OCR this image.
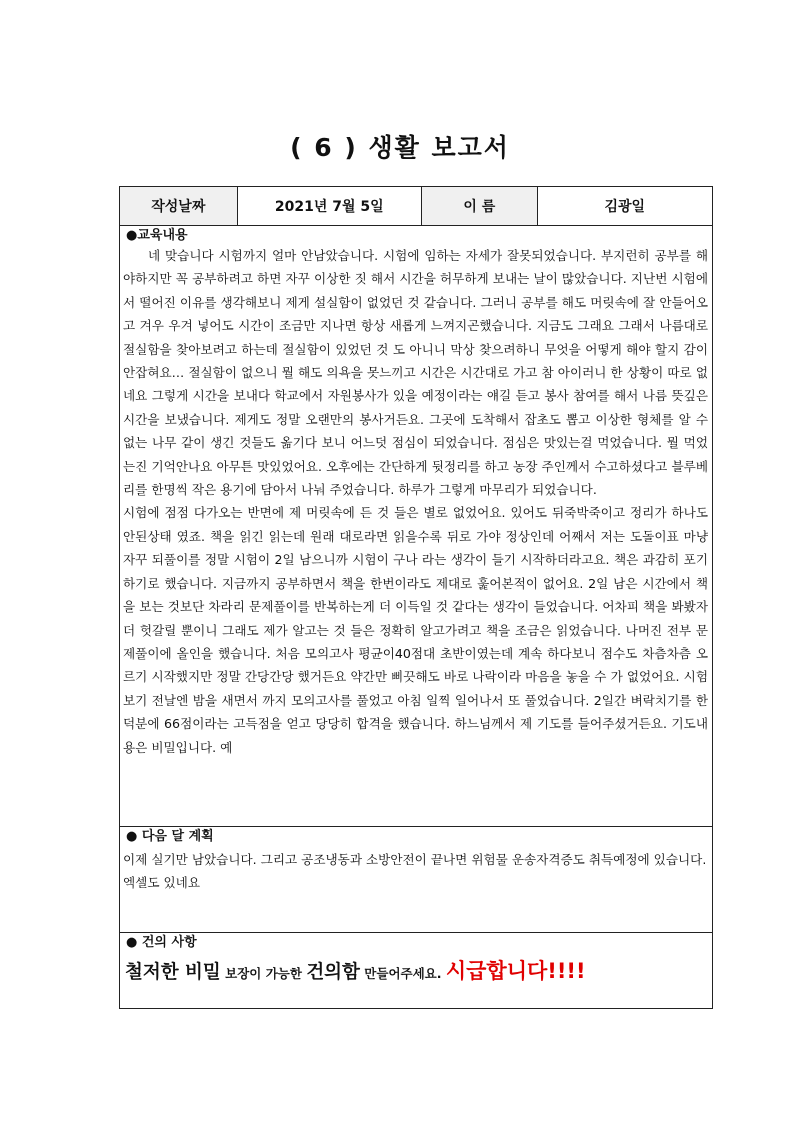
( 6 ) 생활 보고서
작성날짜	2021년 7월 5일	이 름	김광일
●교육내용

네 맞습니다 시험까지 얼마 안남았습니다. 시험에 임하는 자세가 잘못되었습니다. 부지런히 공부를 해야하지만 꼭 공부하려고 하면 자꾸 이상한 짓 해서 시간을 허무하게 보내는 날이 많았습니다. 지난번 시험에서 떨어진 이유를 생각해보니 제게 설실함이 없었던 것 같습니다. 그러니 공부를 해도 머릿속에 잘 안들어오고 겨우 우겨 넣어도 시간이 조금만 지나면 항상 새롭게 느껴지곤했습니다. 지금도 그래요 그래서 나름대로 절실함을 찾아보려고 하는데 절실함이 있었던 것 도 아니니 막상 찾으려하니 무엇을 어떻게 해야 할지 감이 안잡혀요… 절실함이 없으니 뭘 해도 의욕을 못느끼고 시간은 시간대로 가고 참 아이러니 한 상황이 따로 없네요 그렇게 시간을 보내다 학교에서 자원봉사가 있을 예정이라는 얘길 듣고 봉사 참여를 해서 나름 뜻깊은 시간을 보냈습니다. 제게도 정말 오랜만의 봉사거든요. 그곳에 도착해서 잡초도 뽑고 이상한 형체를 알 수 없는 나무 같이 생긴 것들도 옮기다 보니 어느덧 점심이 되었습니다. 점심은 맛있는걸 먹었습니다. 뭘 먹었는진 기억안나요 아무튼 맛있었어요. 오후에는 간단하게 뒷정리를 하고 농장 주인께서 수고하셨다고 블루베리를 한명씩 작은 용기에 담아서 나눠 주었습니다. 하루가 그렇게 마무리가 되었습니다.

시험에 점점 다가오는 반면에 제 머릿속에 든 것 들은 별로 없었어요. 있어도 뒤죽박죽이고 정리가 하나도 안된상태 였죠. 책을 읽긴 읽는데 원래 대로라면 읽을수록 뒤로 가야 정상인데 어째서 저는 도돌이표 마냥 자꾸 되풀이를 정말 시험이 2일 남으니까 시험이 구나 라는 생각이 들기 시작하더라고요. 책은 과감히 포기하기로 했습니다. 지금까지 공부하면서 책을 한번이라도 제대로 훑어본적이 없어요. 2일 남은 시간에서 책을 보는 것보단 차라리 문제풀이를 반복하는게 더 이득일 것 같다는 생각이 들었습니다. 어차피 책을 봐봤자 더 헛갈릴 뿐이니 그래도 제가 알고는 것 들은 정확히 알고가려고 책을 조금은 읽었습니다. 나머진 전부 문제풀이에 올인을 했습니다. 처음 모의고사 평균이40점대 초반이였는데 계속 하다보니 점수도 차츰차츰 오르기 시작했지만 정말 간당간당 했거든요 약간만 삐끗해도 바로 나락이라 마음을 놓을 수 가 없었어요. 시험 보기 전날엔 밤을 새면서 까지 모의고사를 풀었고 아침 일찍 일어나서 또 풀었습니다. 2일간 벼락치기를 한 덕분에 66점이라는 고득점을 얻고 당당히 합격을 했습니다. 하느님께서 제 기도를 들어주셨거든요. 기도내용은 비밀입니다. 예

● 다음 달 계획

이제 실기만 남았습니다. 그리고 공조냉동과 소방안전이 끝나면 위험물 운송자격증도 취득예정에 있습니다.

엑셀도 있네요

● 건의 사항
철저한 비밀 보장이 가능한 건의함 만들어주세요. 시급합니다!!!!
